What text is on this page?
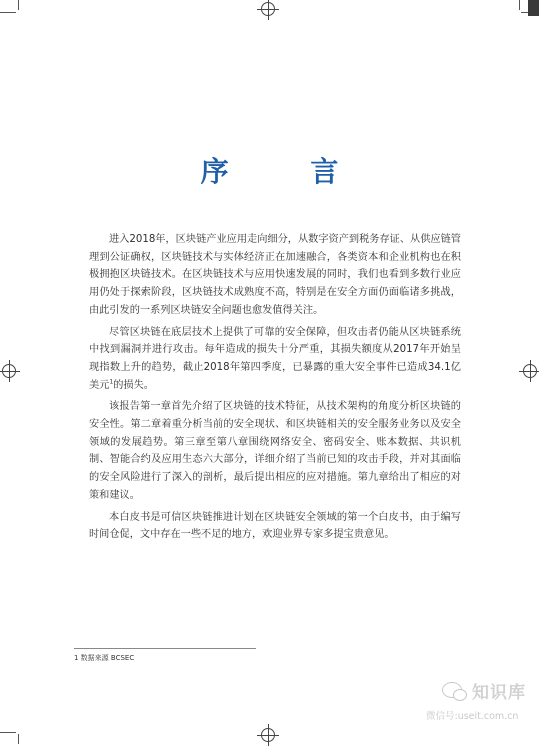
序 言

进入2018年，区块链产业应用走向细分，从数字资产到税务存证、从供应链管理到公证确权，区块链技术与实体经济正在加速融合，各类资本和企业机构也在积极拥抱区块链技术。在区块链技术与应用快速发展的同时，我们也看到多数行业应用仍处于探索阶段，区块链技术成熟度不高，特别是在安全方面仍面临诸多挑战，由此引发的一系列区块链安全问题也愈发值得关注。

尽管区块链在底层技术上提供了可靠的安全保障，但攻击者仍能从区块链系统中找到漏洞并进行攻击。每年造成的损失十分严重，其损失额度从2017年开始呈现指数上升的趋势，截止2018年第四季度，已暴露的重大安全事件已造成34.1亿美元$^1$的损失。

该报告第一章首先介绍了区块链的技术特征，从技术架构的角度分析区块链的安全性。第二章着重分析当前的安全现状、和区块链相关的安全服务业务以及安全领域的发展趋势。第三章至第八章围绕网络安全、密码安全、账本数据、共识机制、智能合约及应用生态六大部分，详细介绍了当前已知的攻击手段，并对其面临的安全风险进行了深入的剖析，最后提出相应的应对措施。第九章给出了相应的对策和建议。

本白皮书是可信区块链推进计划在区块链安全领域的第一个白皮书，由于编写时间仓促，文中存在一些不足的地方，欢迎业界专家多提宝贵意见。

1 数据来源 BCSEC
知识库
微信号:useit.com.cn
